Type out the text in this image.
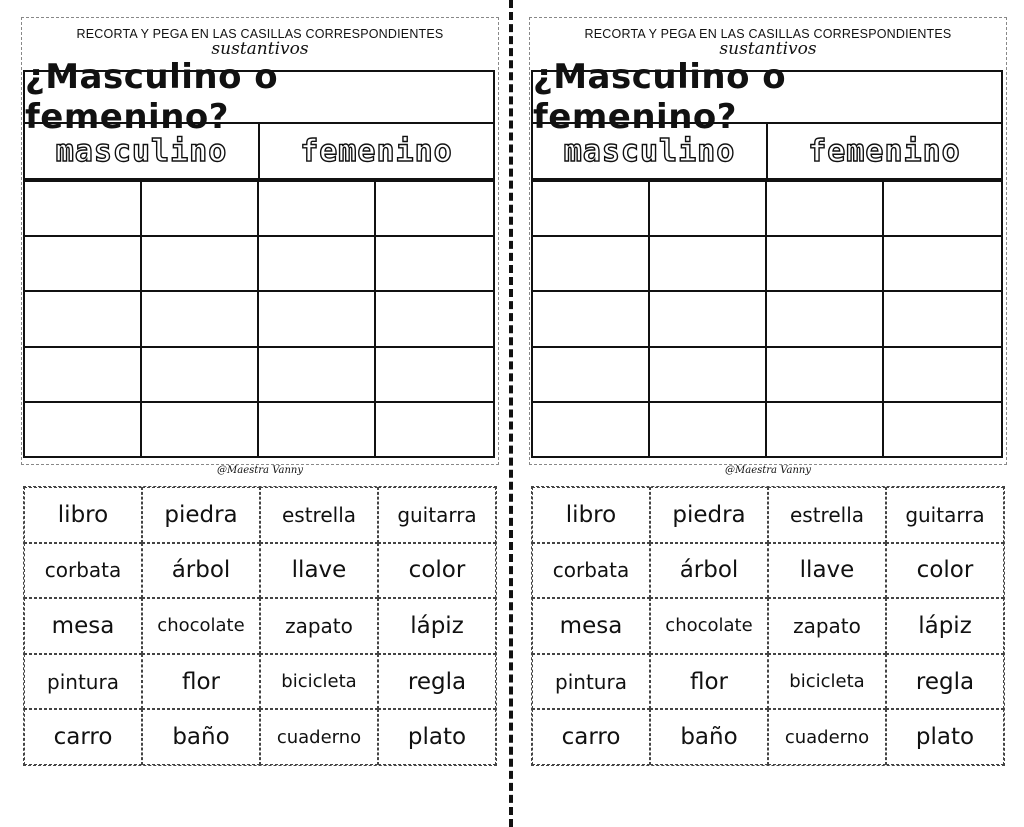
RECORTA Y PEGA EN LAS CASILLAS CORRESPONDIENTES
sustantivos
¿Masculino o femenino?
masculino	femenino
@Maestra Vanny
libro	piedra	estrella	guitarra
corbata	árbol	llave	color
mesa	chocolate	zapato	lápiz
pintura	flor	bicicleta	regla
carro	baño	cuaderno	plato
RECORTA Y PEGA EN LAS CASILLAS CORRESPONDIENTES
sustantivos
¿Masculino o femenino?
masculino	femenino
@Maestra Vanny
libro	piedra	estrella	guitarra
corbata	árbol	llave	color
mesa	chocolate	zapato	lápiz
pintura	flor	bicicleta	regla
carro	baño	cuaderno	plato
